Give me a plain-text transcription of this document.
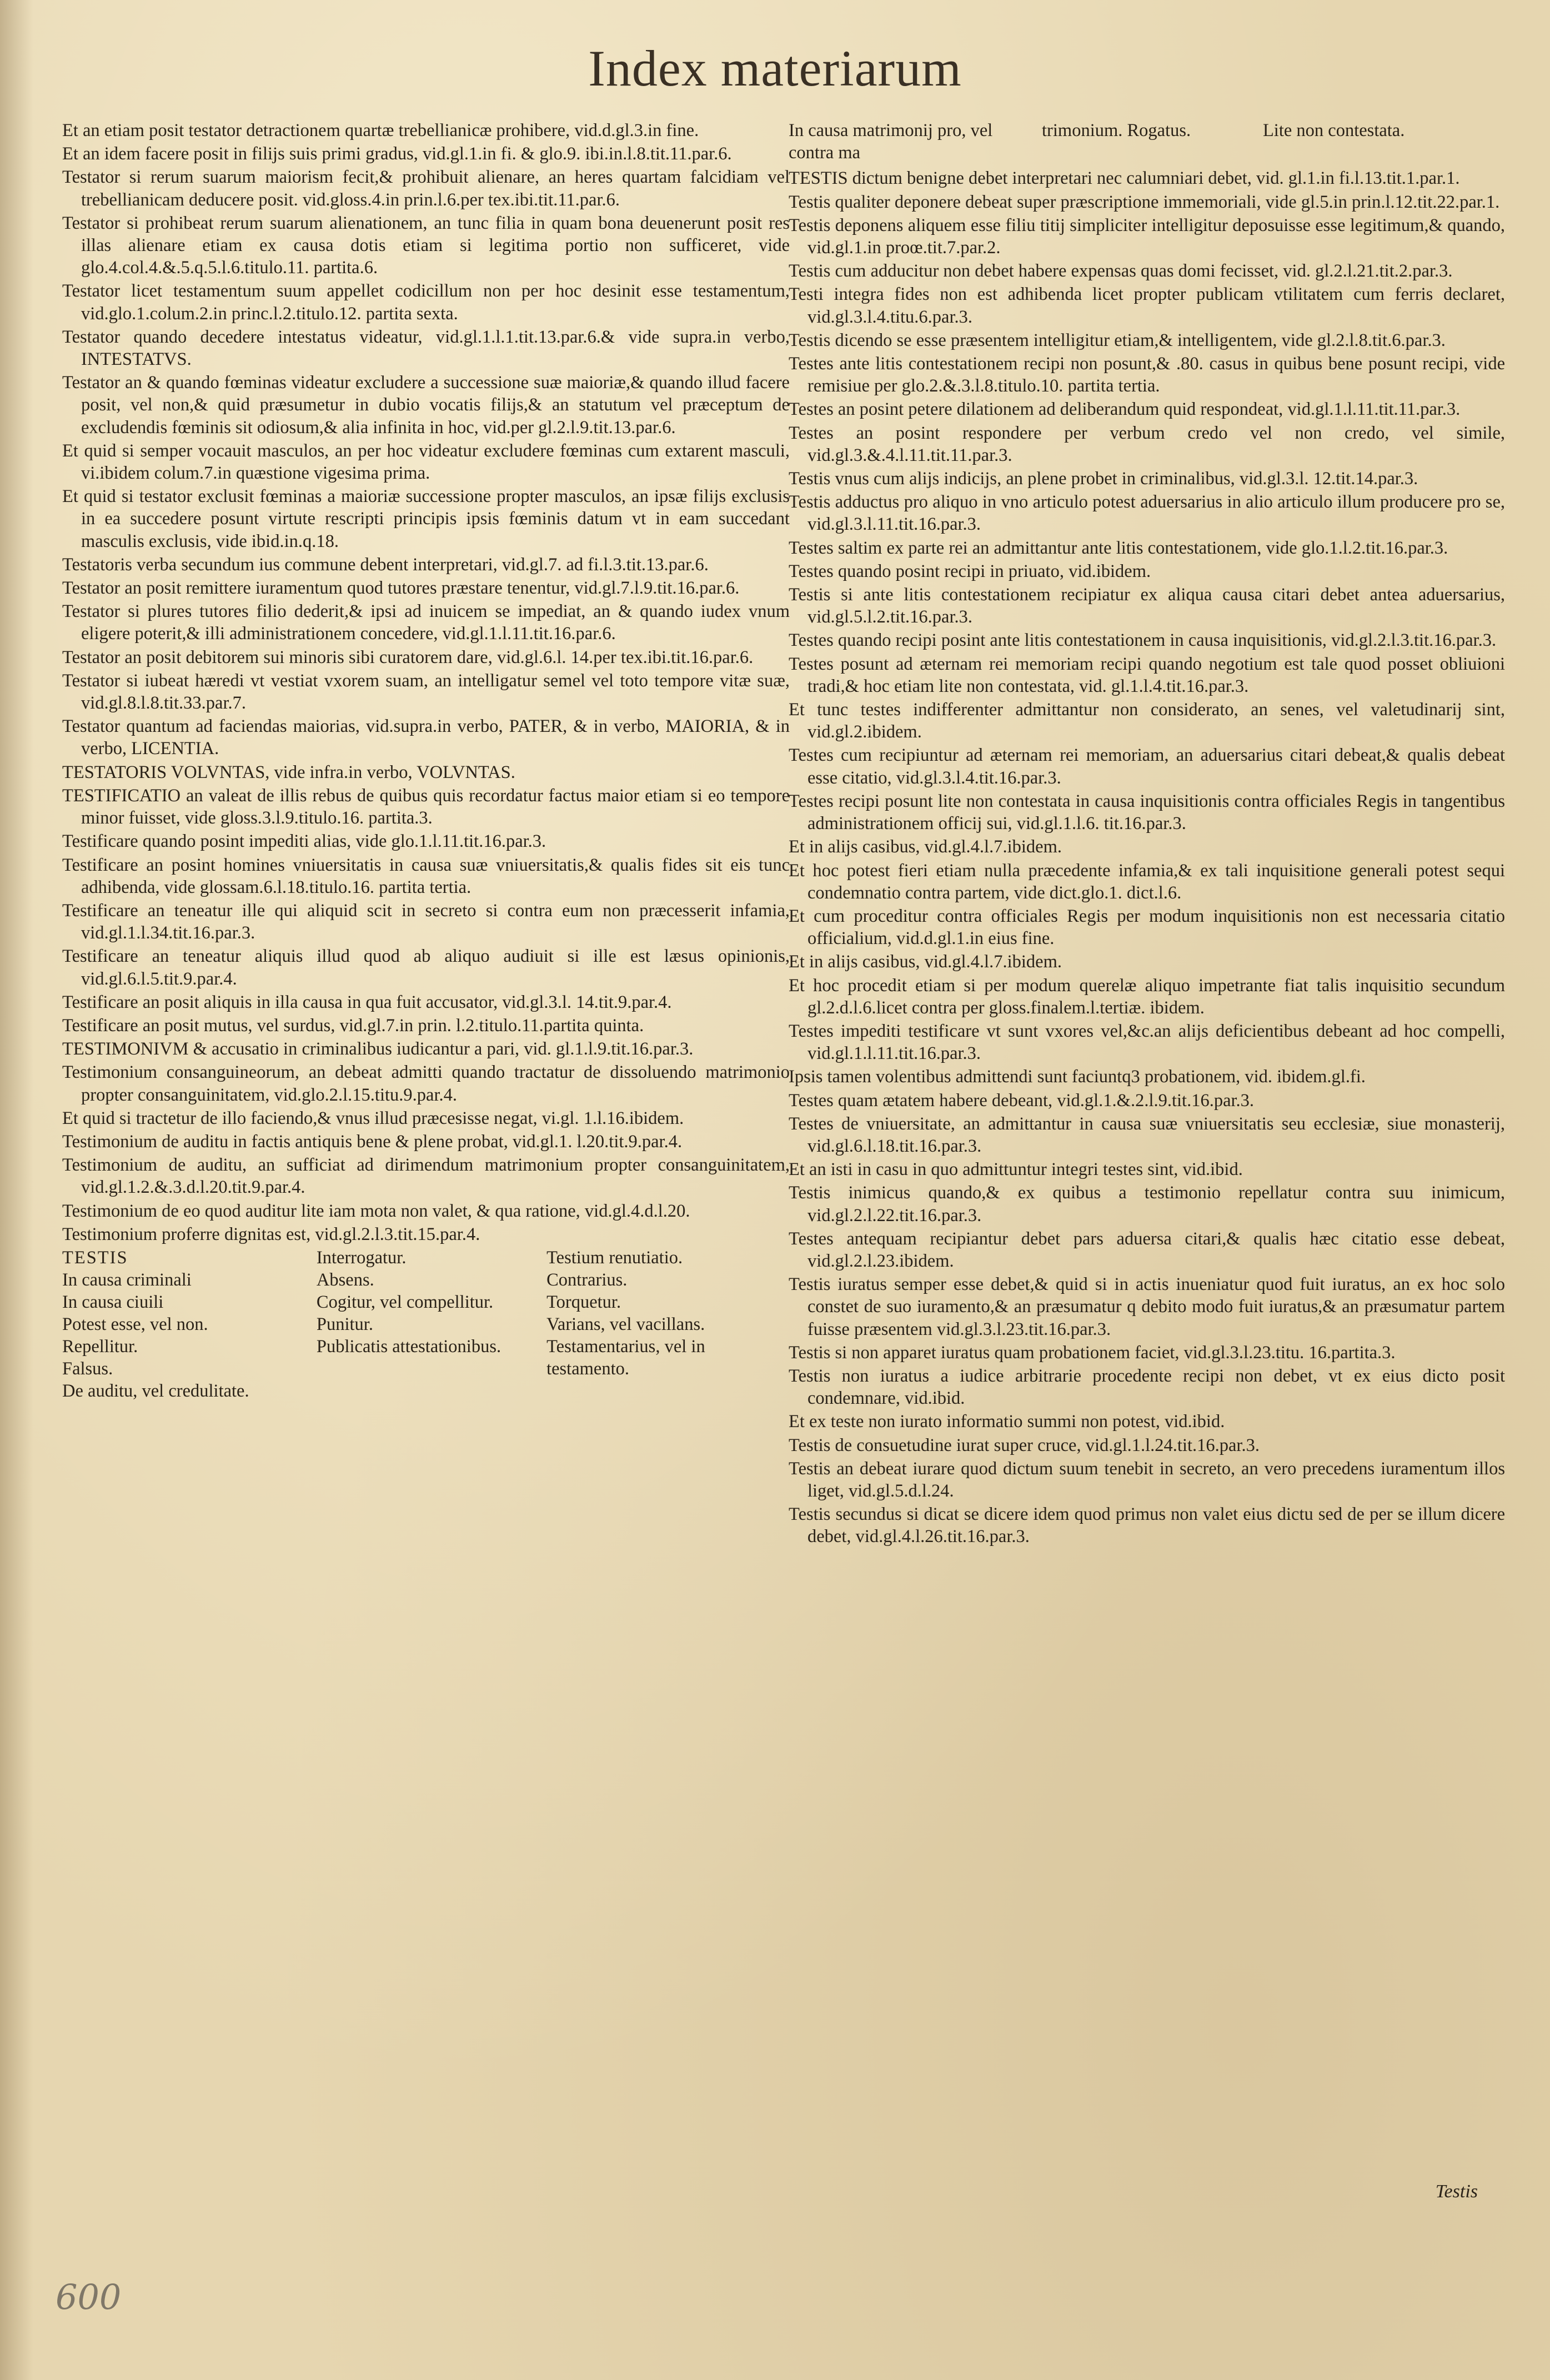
Index materiarum

Et an etiam posit testator detractionem quartæ trebellianicæ prohibere, vid.d.gl.3.in fine.

Et an idem facere posit in filijs suis primi gradus, vid.gl.1.in fi. & glo.9. ibi.in.l.8.tit.11.par.6.

Testator si rerum suarum maiorism fecit,& prohibuit alienare, an heres quartam falcidiam vel trebellianicam deducere posit. vid.gloss.4.in prin.l.6.per tex.ibi.tit.11.par.6.

Testator si prohibeat rerum suarum alienationem, an tunc filia in quam bona deuenerunt posit res illas alienare etiam ex causa dotis etiam si legitima portio non sufficeret, vide glo.4.col.4.&.5.q.5.l.6.titulo.11. partita.6.

Testator licet testamentum suum appellet codicillum non per hoc desinit esse testamentum, vid.glo.1.colum.2.in princ.l.2.titulo.12. partita sexta.

Testator quando decedere intestatus videatur, vid.gl.1.l.1.tit.13.par.6.& vide supra.in verbo, INTESTATVS.

Testator an & quando fœminas videatur excludere a successione suæ maioriæ,& quando illud facere posit, vel non,& quid præsumetur in dubio vocatis filijs,& an statutum vel præceptum de excludendis fœminis sit odiosum,& alia infinita in hoc, vid.per gl.2.l.9.tit.13.par.6.

Et quid si semper vocauit masculos, an per hoc videatur excludere fœminas cum extarent masculi, vi.ibidem colum.7.in quæstione vigesima prima.

Et quid si testator exclusit fœminas a maioriæ successione propter masculos, an ipsæ filijs exclusis in ea succedere posunt virtute rescripti principis ipsis fœminis datum vt in eam succedant masculis exclusis, vide ibid.in.q.18.

Testatoris verba secundum ius commune debent interpretari, vid.gl.7. ad fi.l.3.tit.13.par.6.

Testator an posit remittere iuramentum quod tutores præstare tenentur, vid.gl.7.l.9.tit.16.par.6.

Testator si plures tutores filio dederit,& ipsi ad inuicem se impediat, an & quando iudex vnum eligere poterit,& illi administrationem concedere, vid.gl.1.l.11.tit.16.par.6.

Testator an posit debitorem sui minoris sibi curatorem dare, vid.gl.6.l. 14.per tex.ibi.tit.16.par.6.

Testator si iubeat hæredi vt vestiat vxorem suam, an intelligatur semel vel toto tempore vitæ suæ, vid.gl.8.l.8.tit.33.par.7.

Testator quantum ad faciendas maiorias, vid.supra.in verbo, PATER, & in verbo, MAIORIA, & in verbo, LICENTIA.

TESTATORIS VOLVNTAS, vide infra.in verbo, VOLVNTAS.

TESTIFICATIO an valeat de illis rebus de quibus quis recordatur factus maior etiam si eo tempore minor fuisset, vide gloss.3.l.9.titulo.16. partita.3.

Testificare quando posint impediti alias, vide glo.1.l.11.tit.16.par.3.

Testificare an posint homines vniuersitatis in causa suæ vniuersitatis,& qualis fides sit eis tunc adhibenda, vide glossam.6.l.18.titulo.16. partita tertia.

Testificare an teneatur ille qui aliquid scit in secreto si contra eum non præcesserit infamia, vid.gl.1.l.34.tit.16.par.3.

Testificare an teneatur aliquis illud quod ab aliquo audiuit si ille est læsus opinionis, vid.gl.6.l.5.tit.9.par.4.

Testificare an posit aliquis in illa causa in qua fuit accusator, vid.gl.3.l. 14.tit.9.par.4.

Testificare an posit mutus, vel surdus, vid.gl.7.in prin. l.2.titulo.11.partita quinta.

TESTIMONIVM & accusatio in criminalibus iudicantur a pari, vid. gl.1.l.9.tit.16.par.3.

Testimonium consanguineorum, an debeat admitti quando tractatur de dissoluendo matrimonio propter consanguinitatem, vid.glo.2.l.15.titu.9.par.4.

Et quid si tractetur de illo faciendo,& vnus illud præcesisse negat, vi.gl. 1.l.16.ibidem.

Testimonium de auditu in factis antiquis bene & plene probat, vid.gl.1. l.20.tit.9.par.4.

Testimonium de auditu, an sufficiat ad dirimendum matrimonium propter consanguinitatem, vid.gl.1.2.&.3.d.l.20.tit.9.par.4.

Testimonium de eo quod auditur lite iam mota non valet, & qua ratione, vid.gl.4.d.l.20.

Testimonium proferre dignitas est, vid.gl.2.l.3.tit.15.par.4.

TESTIS
In causa criminali
In causa ciuili
Potest esse, vel non.
Repellitur.
Falsus.
De auditu, vel credulitate.
Interrogatur.
Absens.
Cogitur, vel compellitur.
Punitur.
Publicatis attestationibus.
Testium renutiatio.
Contrarius.
Torquetur.
Varians, vel vacillans.
Testamentarius, vel in testamento.
In causa matrimonij pro, vel contra ma
trimonium. Rogatus.	Lite non contestata.

TESTIS dictum benigne debet interpretari nec calumniari debet, vid. gl.1.in fi.l.13.tit.1.par.1.

Testis qualiter deponere debeat super præscriptione immemoriali, vide gl.5.in prin.l.12.tit.22.par.1.

Testis deponens aliquem esse filiu titij simpliciter intelligitur deposuisse esse legitimum,& quando, vid.gl.1.in proœ.tit.7.par.2.

Testis cum adducitur non debet habere expensas quas domi fecisset, vid. gl.2.l.21.tit.2.par.3.

Testi integra fides non est adhibenda licet propter publicam vtilitatem cum ferris declaret, vid.gl.3.l.4.titu.6.par.3.

Testis dicendo se esse præsentem intelligitur etiam,& intelligentem, vide gl.2.l.8.tit.6.par.3.

Testes ante litis contestationem recipi non posunt,& .80. casus in quibus bene posunt recipi, vide remisiue per glo.2.&.3.l.8.titulo.10. partita tertia.

Testes an posint petere dilationem ad deliberandum quid respondeat, vid.gl.1.l.11.tit.11.par.3.

Testes an posint respondere per verbum credo vel non credo, vel simile, vid.gl.3.&.4.l.11.tit.11.par.3.

Testis vnus cum alijs indicijs, an plene probet in criminalibus, vid.gl.3.l. 12.tit.14.par.3.

Testis adductus pro aliquo in vno articulo potest aduersarius in alio articulo illum producere pro se, vid.gl.3.l.11.tit.16.par.3.

Testes saltim ex parte rei an admittantur ante litis contestationem, vide glo.1.l.2.tit.16.par.3.

Testes quando posint recipi in priuato, vid.ibidem.

Testis si ante litis contestationem recipiatur ex aliqua causa citari debet antea aduersarius, vid.gl.5.l.2.tit.16.par.3.

Testes quando recipi posint ante litis contestationem in causa inquisitionis, vid.gl.2.l.3.tit.16.par.3.

Testes posunt ad æternam rei memoriam recipi quando negotium est tale quod posset obliuioni tradi,& hoc etiam lite non contestata, vid. gl.1.l.4.tit.16.par.3.

Et tunc testes indifferenter admittantur non considerato, an senes, vel valetudinarij sint, vid.gl.2.ibidem.

Testes cum recipiuntur ad æternam rei memoriam, an aduersarius citari debeat,& qualis debeat esse citatio, vid.gl.3.l.4.tit.16.par.3.

Testes recipi posunt lite non contestata in causa inquisitionis contra officiales Regis in tangentibus administrationem officij sui, vid.gl.1.l.6. tit.16.par.3.

Et in alijs casibus, vid.gl.4.l.7.ibidem.

Et hoc potest fieri etiam nulla præcedente infamia,& ex tali inquisitione generali potest sequi condemnatio contra partem, vide dict.glo.1. dict.l.6.

Et cum proceditur contra officiales Regis per modum inquisitionis non est necessaria citatio officialium, vid.d.gl.1.in eius fine.

Et in alijs casibus, vid.gl.4.l.7.ibidem.

Et hoc procedit etiam si per modum querelæ aliquo impetrante fiat talis inquisitio secundum gl.2.d.l.6.licet contra per gloss.finalem.l.tertiæ. ibidem.

Testes impediti testificare vt sunt vxores vel,&c.an alijs deficientibus debeant ad hoc compelli, vid.gl.1.l.11.tit.16.par.3.

Ipsis tamen volentibus admittendi sunt faciuntq3 probationem, vid. ibidem.gl.fi.

Testes quam ætatem habere debeant, vid.gl.1.&.2.l.9.tit.16.par.3.

Testes de vniuersitate, an admittantur in causa suæ vniuersitatis seu ecclesiæ, siue monasterij, vid.gl.6.l.18.tit.16.par.3.

Et an isti in casu in quo admittuntur integri testes sint, vid.ibid.

Testis inimicus quando,& ex quibus a testimonio repellatur contra suu inimicum, vid.gl.2.l.22.tit.16.par.3.

Testes antequam recipiantur debet pars aduersa citari,& qualis hæc citatio esse debeat, vid.gl.2.l.23.ibidem.

Testis iuratus semper esse debet,& quid si in actis inueniatur quod fuit iuratus, an ex hoc solo constet de suo iuramento,& an præsumatur q debito modo fuit iuratus,& an præsumatur partem fuisse præsentem vid.gl.3.l.23.tit.16.par.3.

Testis si non apparet iuratus quam probationem faciet, vid.gl.3.l.23.titu. 16.partita.3.

Testis non iuratus a iudice arbitrarie procedente recipi non debet, vt ex eius dicto posit condemnare, vid.ibid.

Et ex teste non iurato informatio summi non potest, vid.ibid.

Testis de consuetudine iurat super cruce, vid.gl.1.l.24.tit.16.par.3.

Testis an debeat iurare quod dictum suum tenebit in secreto, an vero precedens iuramentum illos liget, vid.gl.5.d.l.24.

Testis secundus si dicat se dicere idem quod primus non valet eius dictu sed de per se illum dicere debet, vid.gl.4.l.26.tit.16.par.3.

Testis
600
